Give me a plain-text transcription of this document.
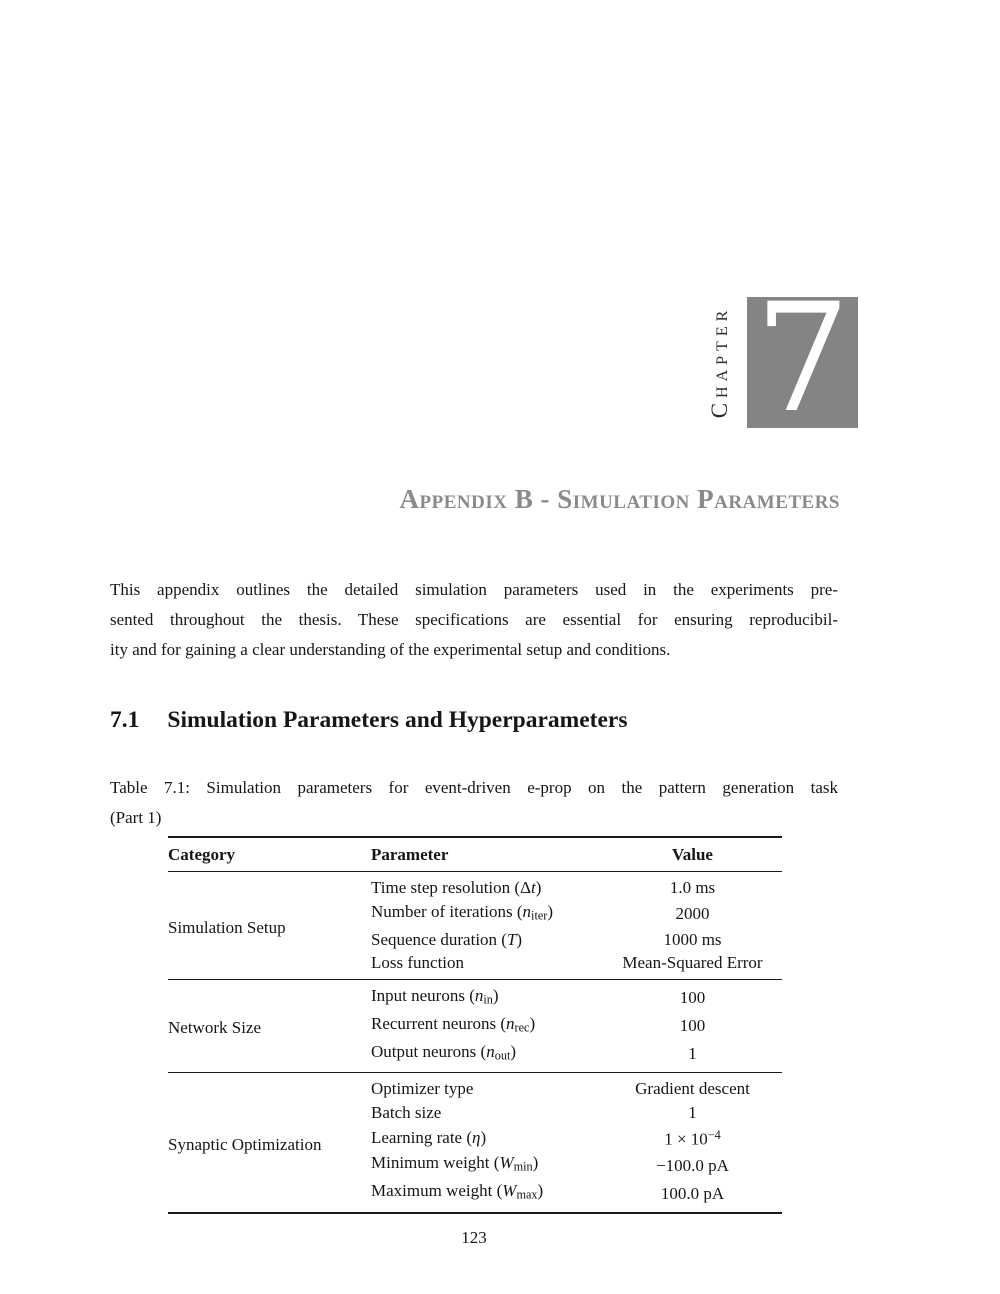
Chapter 7
Appendix B - Simulation Parameters
This appendix outlines the detailed simulation parameters used in the experiments pre-
sented throughout the thesis. These specifications are essential for ensuring reproducibil-
ity and for gaining a clear understanding of the experimental setup and conditions.
7.1 Simulation Parameters and Hyperparameters
Table 7.1: Simulation parameters for event-driven e-prop on the pattern generation task
(Part 1)
Category	Parameter	Value
Simulation Setup	Time step resolution (Δt)	1.0 ms
	Number of iterations (niter)	2000
	Sequence duration (T)	1000 ms
	Loss function	Mean-Squared Error
Network Size	Input neurons (nin)	100
	Recurrent neurons (nrec)	100
	Output neurons (nout)	1
Synaptic Optimization	Optimizer type	Gradient descent
	Batch size	1
	Learning rate (η)	$1 \times 10^{-4}$
	Minimum weight (Wmin)	−100.0 pA
	Maximum weight (Wmax)	100.0 pA
123
